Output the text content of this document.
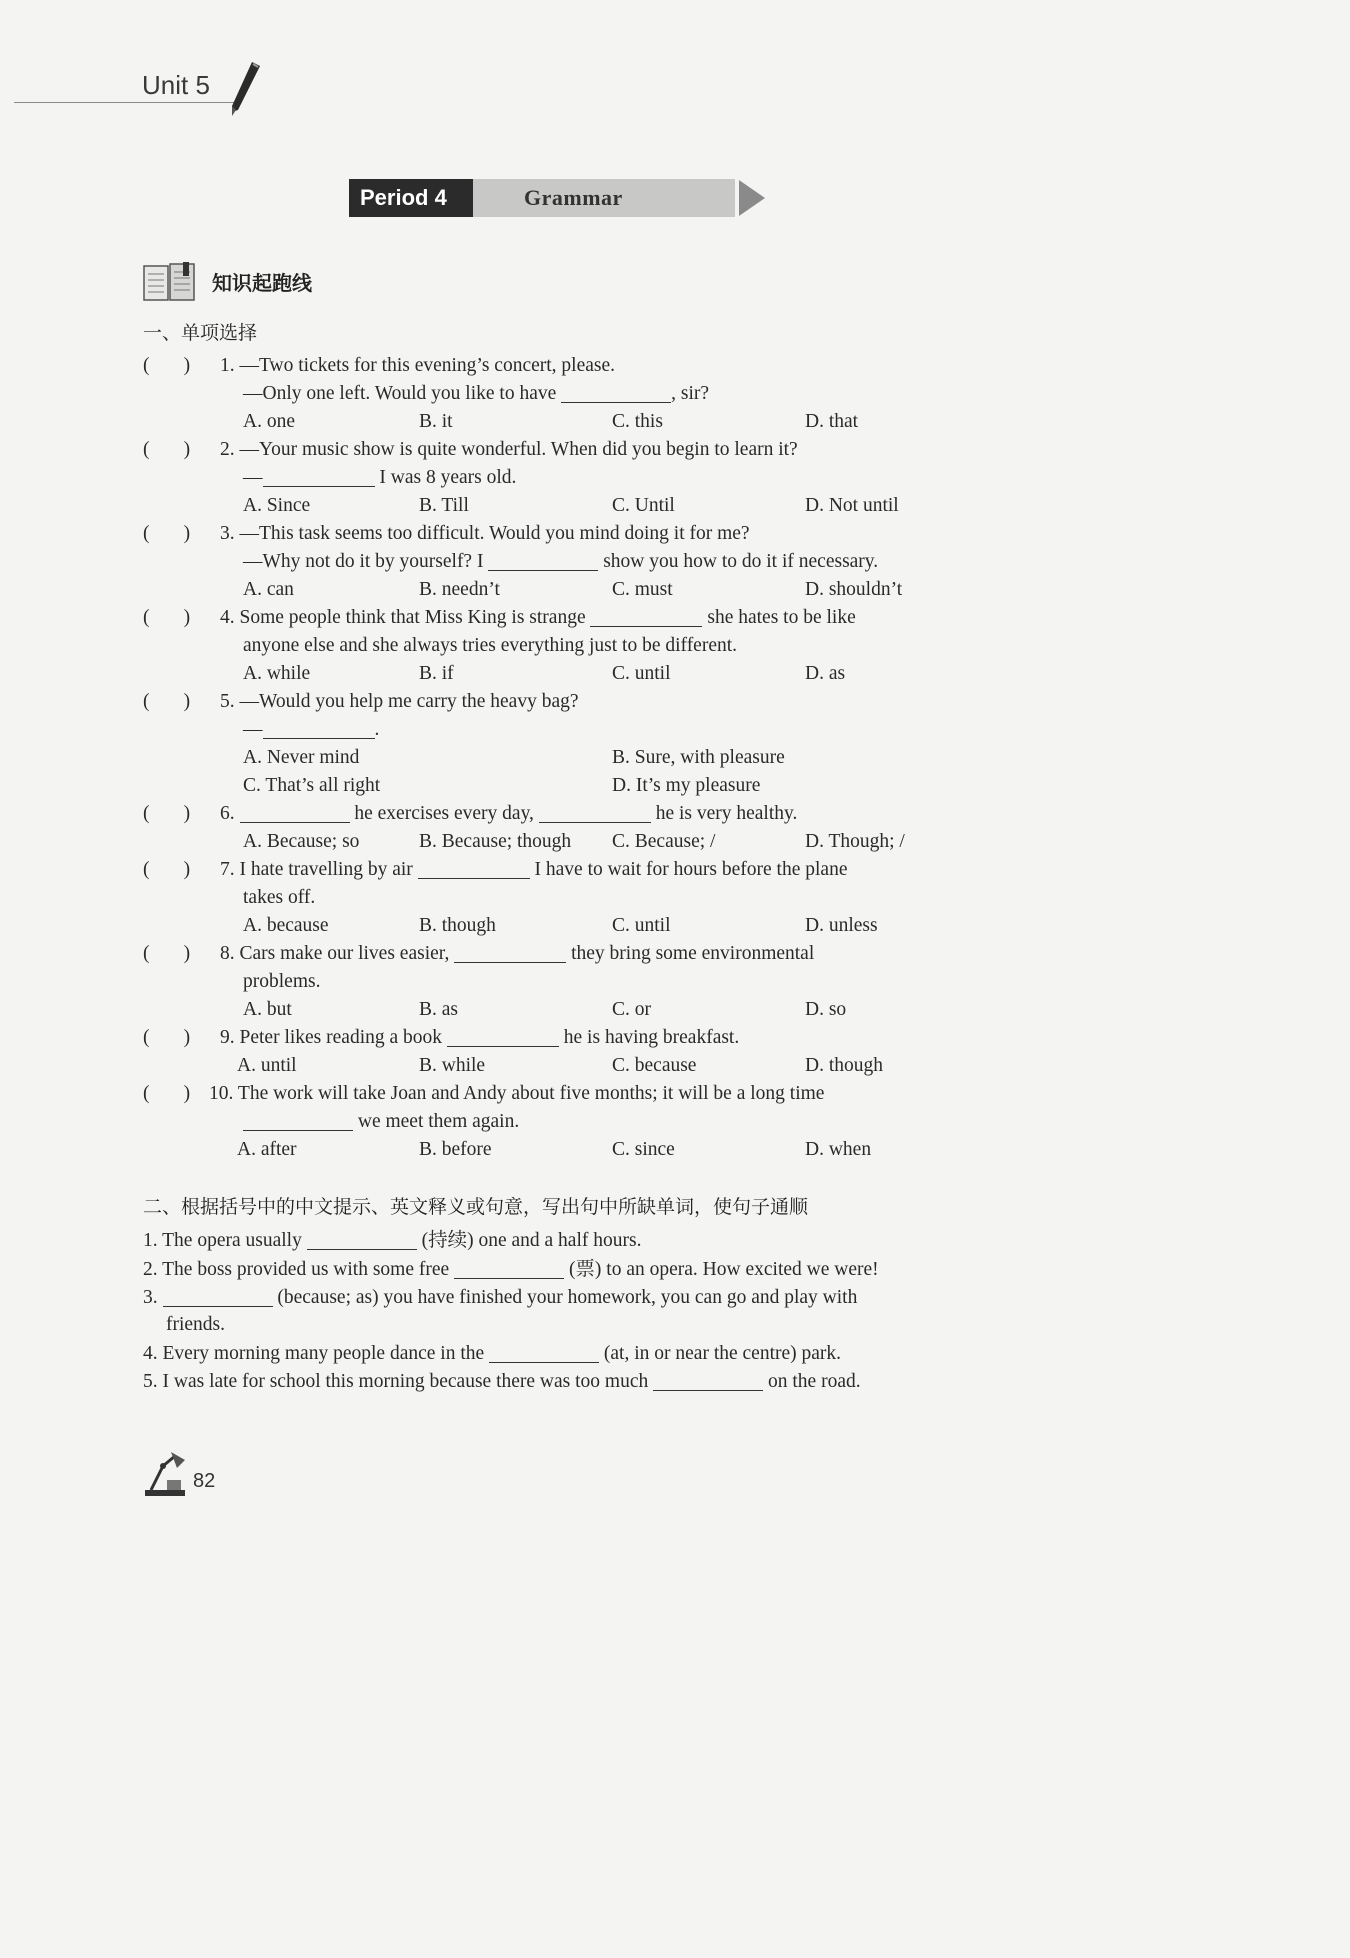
Unit 5
Period 4	Grammar
知识起跑线
一、单项选择
(       ) 1. —Two tickets for this evening’s concert, please.
—Only one left. Would you like to have	, sir?
A. one	B. it	C. this	D. that
(       ) 2. —Your music show is quite wonderful. When did you begin to learn it?
—	I was 8 years old.
A. Since	B. Till	C. Until	D. Not until
(       ) 3. —This task seems too difficult. Would you mind doing it for me?
—Why not do it by yourself? I	show you how to do it if necessary.
A. can	B. needn’t	C. must	D. shouldn’t
(       ) 4. Some people think that Miss King is strange	she hates to be like
anyone else and she always tries everything just to be different.
A. while	B. if	C. until	D. as
(       ) 5. —Would you help me carry the heavy bag?
—	.
A. Never mind	B. Sure, with pleasure
C. That’s all right	D. It’s my pleasure
(       ) 6.	he exercises every day,	he is very healthy.
A. Because; so	B. Because; though C. Because; /	D. Though; /
(       ) 7. I hate travelling by air	I have to wait for hours before the plane
takes off.
A. because	B. though	C. until	D. unless
(       ) 8. Cars make our lives easier,	they bring some environmental
problems.
A. but	B. as	C. or	D. so
(       ) 9. Peter likes reading a book	he is having breakfast.
A. until	B. while	C. because	D. though
(       ) 10. The work will take Joan and Andy about five months; it will be a long time
we meet them again.
A. after	B. before	C. since	D. when
二、根据括号中的中文提示、英文释义或句意，写出句中所缺单词，使句子通顺
1. The opera usually	(持续) one and a half hours.
2. The boss provided us with some free	(票) to an opera. How excited we were!
3.	(because; as) you have finished your homework, you can go and play with
friends.
4. Every morning many people dance in the	(at, in or near the centre) park.
5. I was late for school this morning because there was too much	on the road.
82
